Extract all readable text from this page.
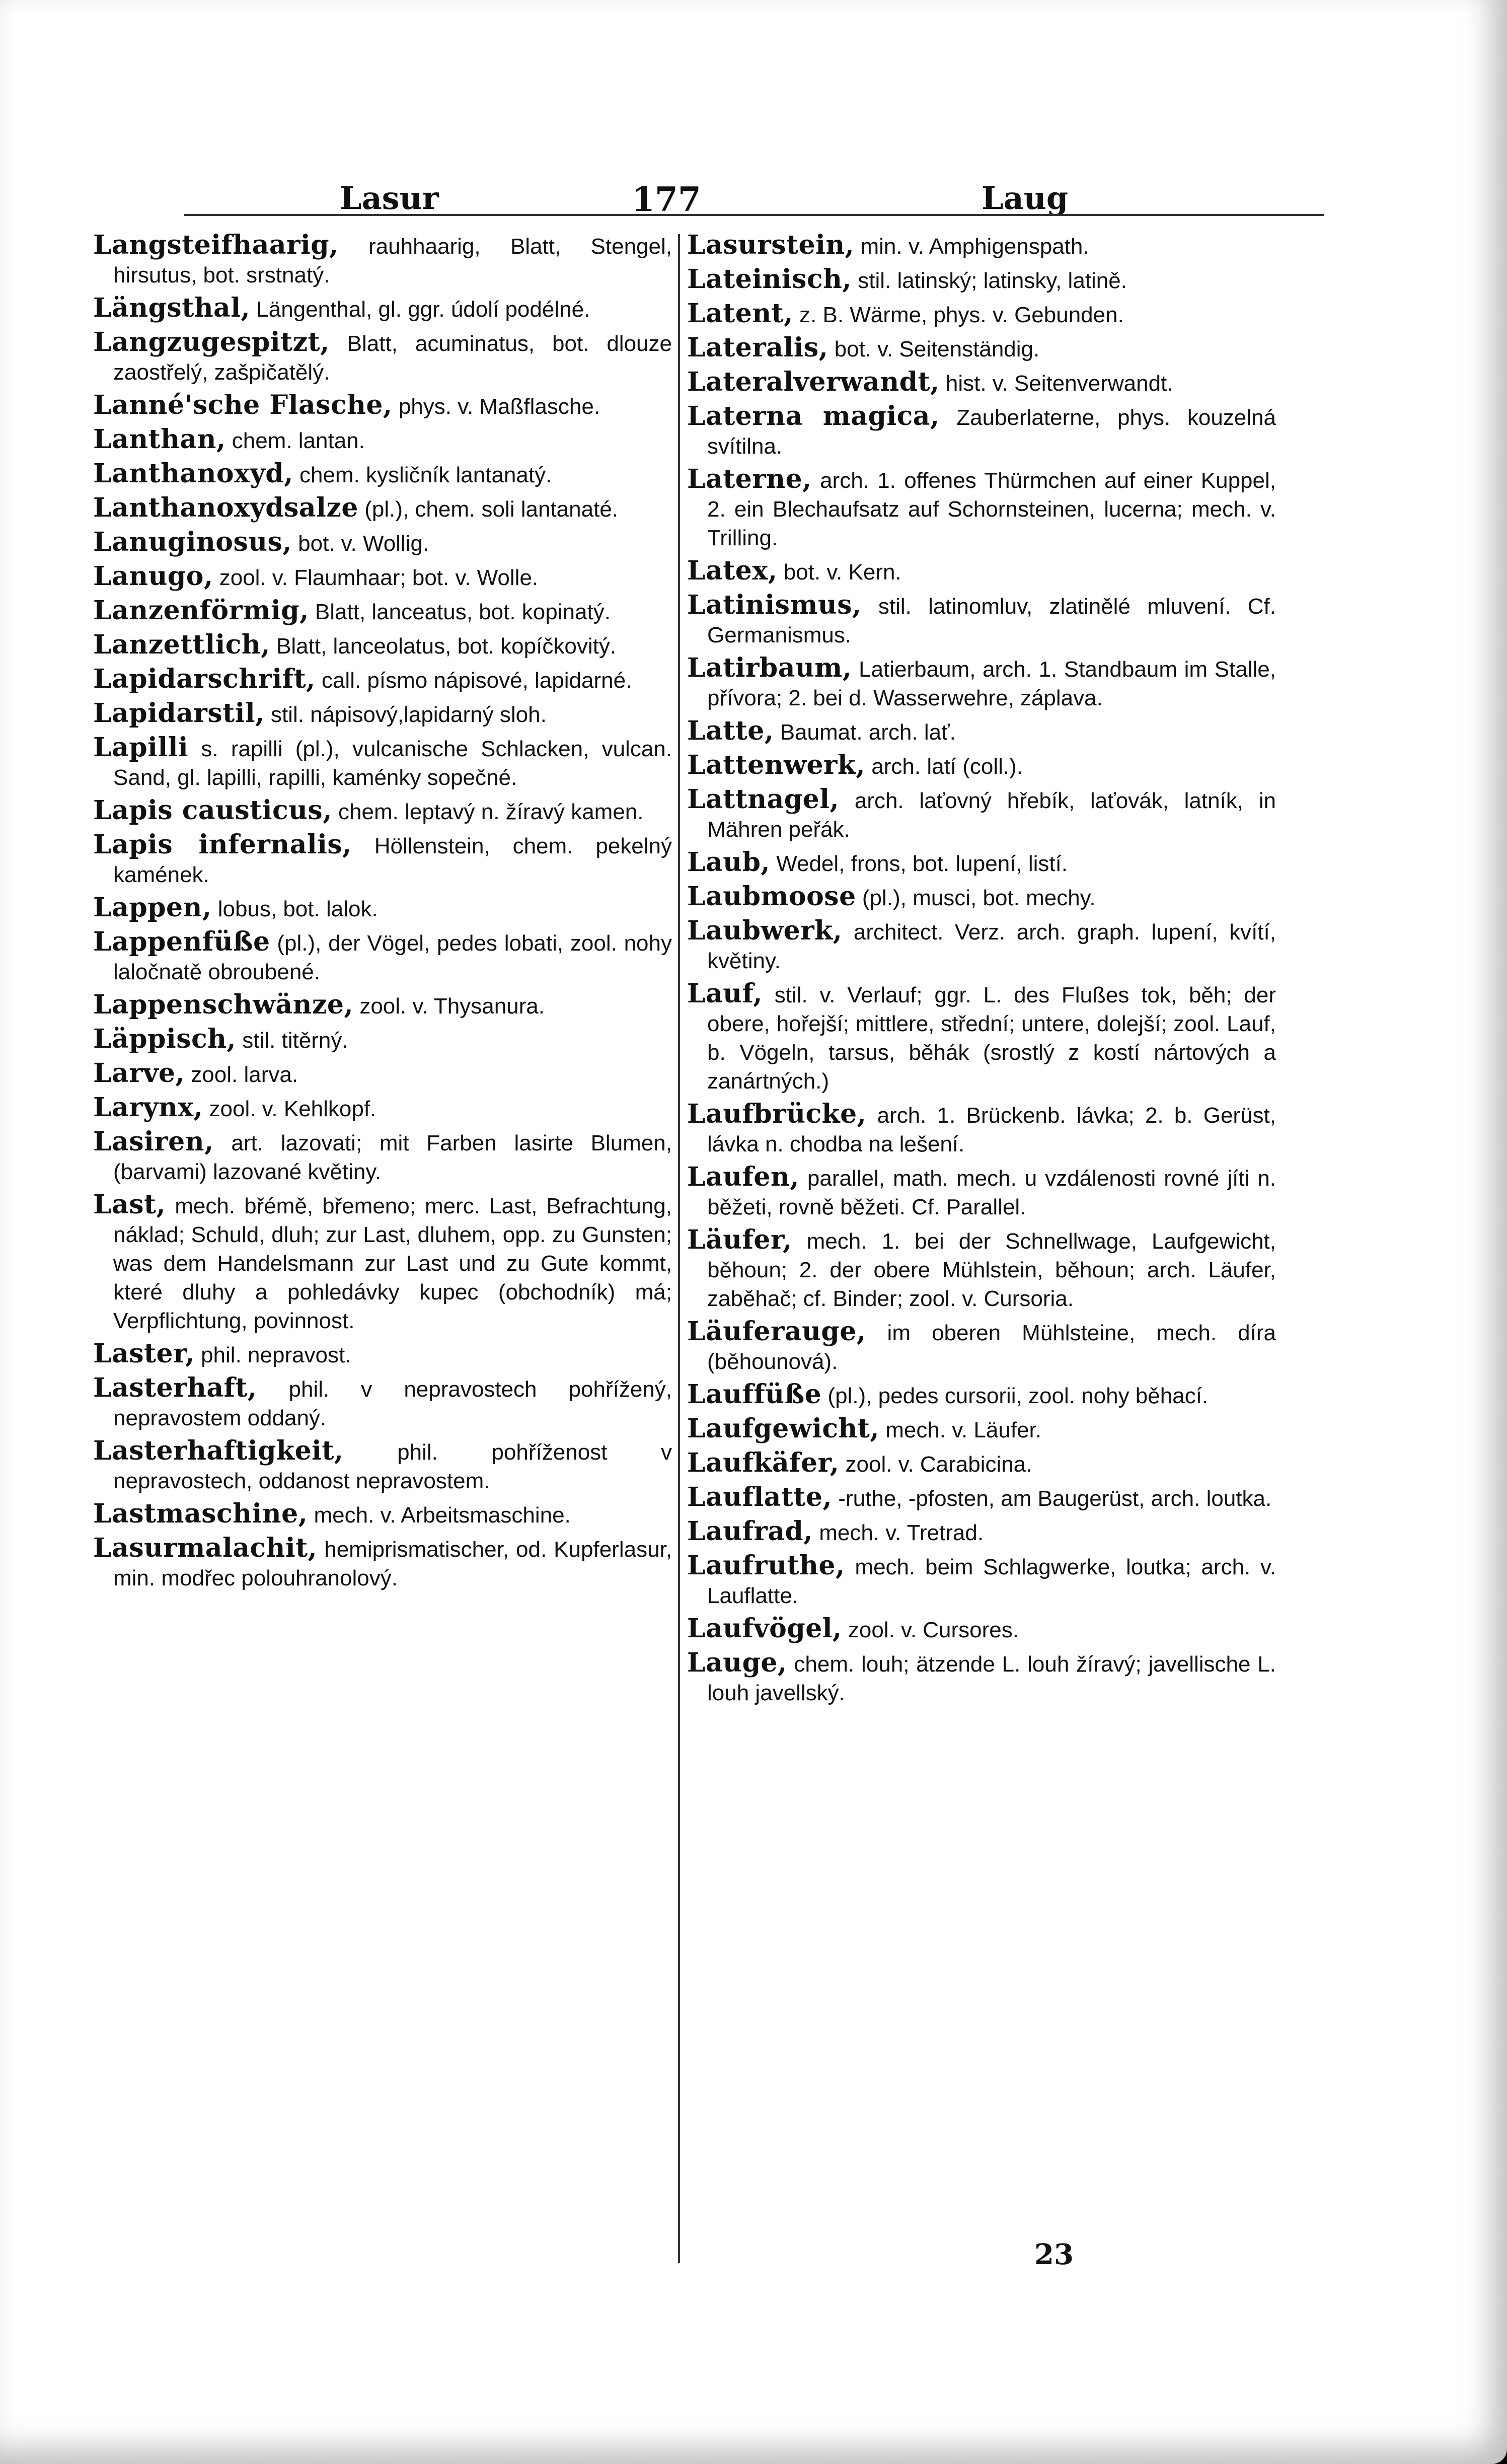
Lasur	177	Laug

Langsteifhaarig, rauhhaarig, Blatt, Stengel, hirsutus, bot. srstnatý.

Längsthal, Längenthal, gl. ggr. údolí podélné.

Langzugespitzt, Blatt, acuminatus, bot. dlouze zaostřelý, zašpičatělý.

Lanné'sche Flasche, phys. v. Maßflasche.

Lanthan, chem. lantan.

Lanthanoxyd, chem. kysličník lantanatý.

Lanthanoxydsalze (pl.), chem. soli lantanaté.

Lanuginosus, bot. v. Wollig.

Lanugo, zool. v. Flaumhaar; bot. v. Wolle.

Lanzenförmig, Blatt, lanceatus, bot. kopinatý.

Lanzettlich, Blatt, lanceolatus, bot. kopíčkovitý.

Lapidarschrift, call. písmo nápisové, lapidarné.

Lapidarstil, stil. nápisový,lapidarný sloh.

Lapilli s. rapilli (pl.), vulcanische Schlacken, vulcan. Sand, gl. lapilli, rapilli, kaménky sopečné.

Lapis causticus, chem. leptavý n. žíravý kamen.

Lapis infernalis, Höllenstein, chem. pekelný kamének.

Lappen, lobus, bot. lalok.

Lappenfüße (pl.), der Vögel, pedes lobati, zool. nohy laločnatě obroubené.

Lappenschwänze, zool. v. Thysanura.

Läppisch, stil. titěrný.

Larve, zool. larva.

Larynx, zool. v. Kehlkopf.

Lasiren, art. lazovati; mit Farben lasirte Blumen, (barvami) lazované květiny.

Last, mech. břémě, břemeno; merc. Last, Befrachtung, náklad; Schuld, dluh; zur Last, dluhem, opp. zu Gunsten; was dem Handelsmann zur Last und zu Gute kommt, které dluhy a pohledávky kupec (obchodník) má; Verpflichtung, povinnost.

Laster, phil. nepravost.

Lasterhaft, phil. v nepravostech pohřížený, nepravostem oddaný.

Lasterhaftigkeit, phil. pohříženost v nepravostech, oddanost nepravostem.

Lastmaschine, mech. v. Arbeitsmaschine.

Lasurmalachit, hemiprismatischer, od. Kupferlasur, min. modřec polouhranolový.

Lasurstein, min. v. Amphigenspath.

Lateinisch, stil. latinský; latinsky, latině.

Latent, z. B. Wärme, phys. v. Gebunden.

Lateralis, bot. v. Seitenständig.

Lateralverwandt, hist. v. Seitenverwandt.

Laterna magica, Zauberlaterne, phys. kouzelná svítilna.

Laterne, arch. 1. offenes Thürmchen auf einer Kuppel, 2. ein Blechaufsatz auf Schornsteinen, lucerna; mech. v. Trilling.

Latex, bot. v. Kern.

Latinismus, stil. latinomluv, zlatinělé mluvení. Cf. Germanismus.

Latirbaum, Latierbaum, arch. 1. Standbaum im Stalle, přívora; 2. bei d. Wasserwehre, záplava.

Latte, Baumat. arch. lať.

Lattenwerk, arch. latí (coll.).

Lattnagel, arch. laťovný hřebík, laťovák, latník, in Mähren peřák.

Laub, Wedel, frons, bot. lupení, listí.

Laubmoose (pl.), musci, bot. mechy.

Laubwerk, architect. Verz. arch. graph. lupení, kvítí, květiny.

Lauf, stil. v. Verlauf; ggr. L. des Flußes tok, běh; der obere, hořejší; mittlere, střední; untere, dolejší; zool. Lauf, b. Vögeln, tarsus, běhák (srostlý z kostí nártových a zanártných.)

Laufbrücke, arch. 1. Brückenb. lávka; 2. b. Gerüst, lávka n. chodba na lešení.

Laufen, parallel, math. mech. u vzdálenosti rovné jíti n. běžeti, rovně běžeti. Cf. Parallel.

Läufer, mech. 1. bei der Schnellwage, Laufgewicht, běhoun; 2. der obere Mühlstein, běhoun; arch. Läufer, zaběhač; cf. Binder; zool. v. Cursoria.

Läuferauge, im oberen Mühlsteine, mech. díra (běhounová).

Lauffüße (pl.), pedes cursorii, zool. nohy běhací.

Laufgewicht, mech. v. Läufer.

Laufkäfer, zool. v. Carabicina.

Lauflatte, -ruthe, -pfosten, am Baugerüst, arch. loutka.

Laufrad, mech. v. Tretrad.

Laufruthe, mech. beim Schlagwerke, loutka; arch. v. Lauflatte.

Laufvögel, zool. v. Cursores.

Lauge, chem. louh; ätzende L. louh žíravý; javellische L. louh javellský.

23
